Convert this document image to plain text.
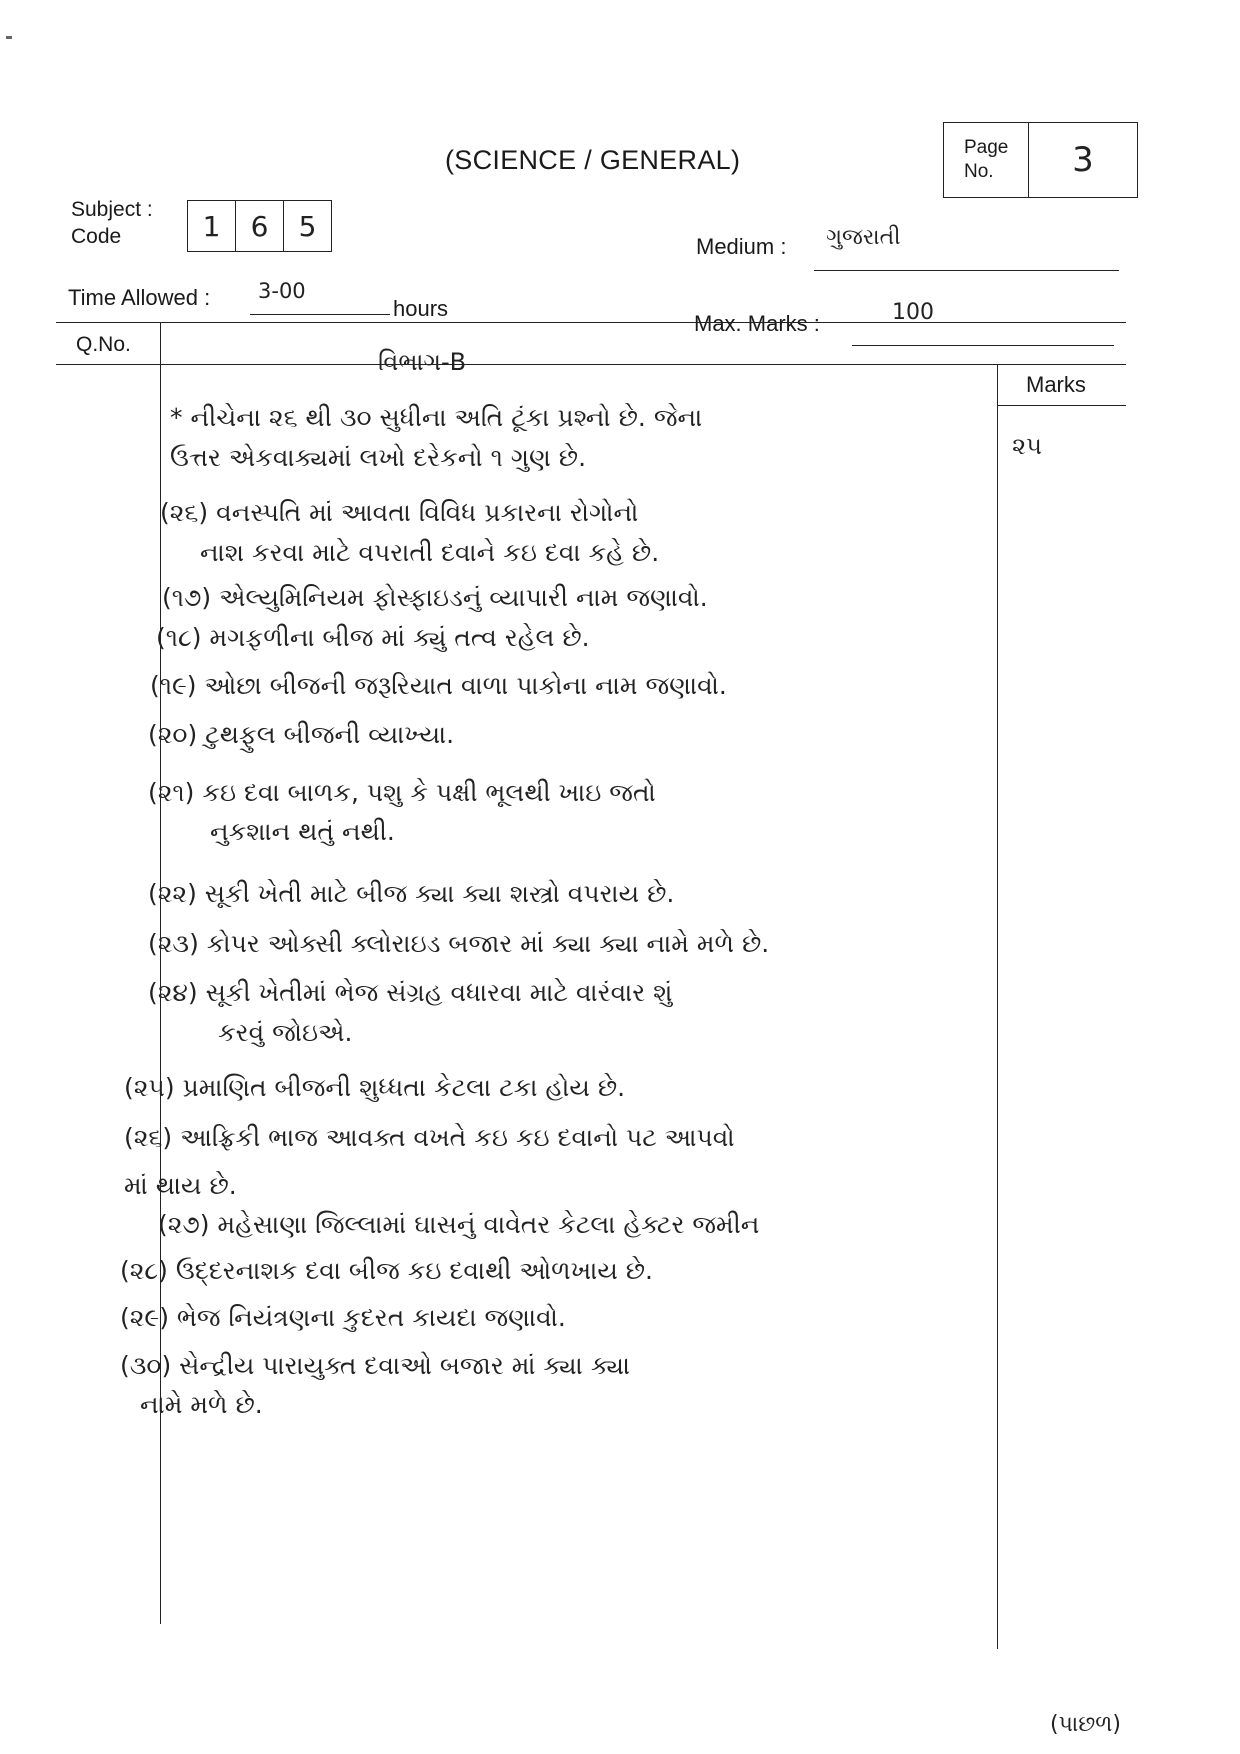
(SCIENCE / GENERAL)	Page
No.	3
Subject :
Code	1	6	5
Medium :	ગુજરાતી
Time Allowed :	3-00
hours
Max. Marks :	100
Q.No.
Marks
વિભાગ-B
૨૫
* નીચેના ૨૬ થી ૩૦ સુધીના અતિ ટૂંકા પ્રશ્નો છે. જેના
ઉત્તર એકવાક્યમાં લખો દરેકનો ૧ ગુણ છે.
(૨૬) વનસ્પતિ માં આવતા વિવિધ પ્રકારના રોગોનો
નાશ કરવા માટે વપરાતી દવાને કઇ દવા કહે છે.
(૧૭) એલ્યુમિનિયમ ફોસ્ફાઇડનું વ્યાપારી નામ જણાવો.
(૧૮) મગફળીના બીજ માં ક્યું તત્વ રહેલ છે.
(૧૯) ઓછા બીજની જરૂરિયાત વાળા પાકોના નામ જણાવો.
(૨૦) ટુથફુલ બીજની વ્યાખ્યા.
(૨૧) કઇ દવા બાળક, પશુ કે પક્ષી ભૂલથી ખાઇ જતો
નુકશાન થતું નથી.
(૨૨) સૂકી ખેતી માટે બીજ ક્યા ક્યા શસ્ત્રો વપરાય છે.
(૨૩) કોપર ઓક્સી ક્લોરાઇડ બજાર માં ક્યા ક્યા નામે મળે છે.
(૨૪) સૂકી ખેતીમાં ભેજ સંગ્રહ વધારવા માટે વારંવાર શું
કરવું જોઇએ.
(૨૫) પ્રમાણિત બીજની શુધ્ધતા કેટલા ટકા હોય છે.
(૨૬) આફ્રિકી ભાજ આવક્ત વખતે કઇ કઇ દવાનો પટ આપવો
માં થાય છે.
(૨૭) મહેસાણા જિલ્લામાં ઘાસનું વાવેતર કેટલા હેક્ટર જમીન
(૨૮) ઉદ્દરનાશક દવા બીજ કઇ દવાથી ઓળખાય છે.
(૨૯) ભેજ નિયંત્રણના કુદરત કાયદા જણાવો.
(૩૦) સેન્દ્રીય પારાયુક્ત દવાઓ બજાર માં ક્યા ક્યા
નામે મળે છે.
(પાછળ)
